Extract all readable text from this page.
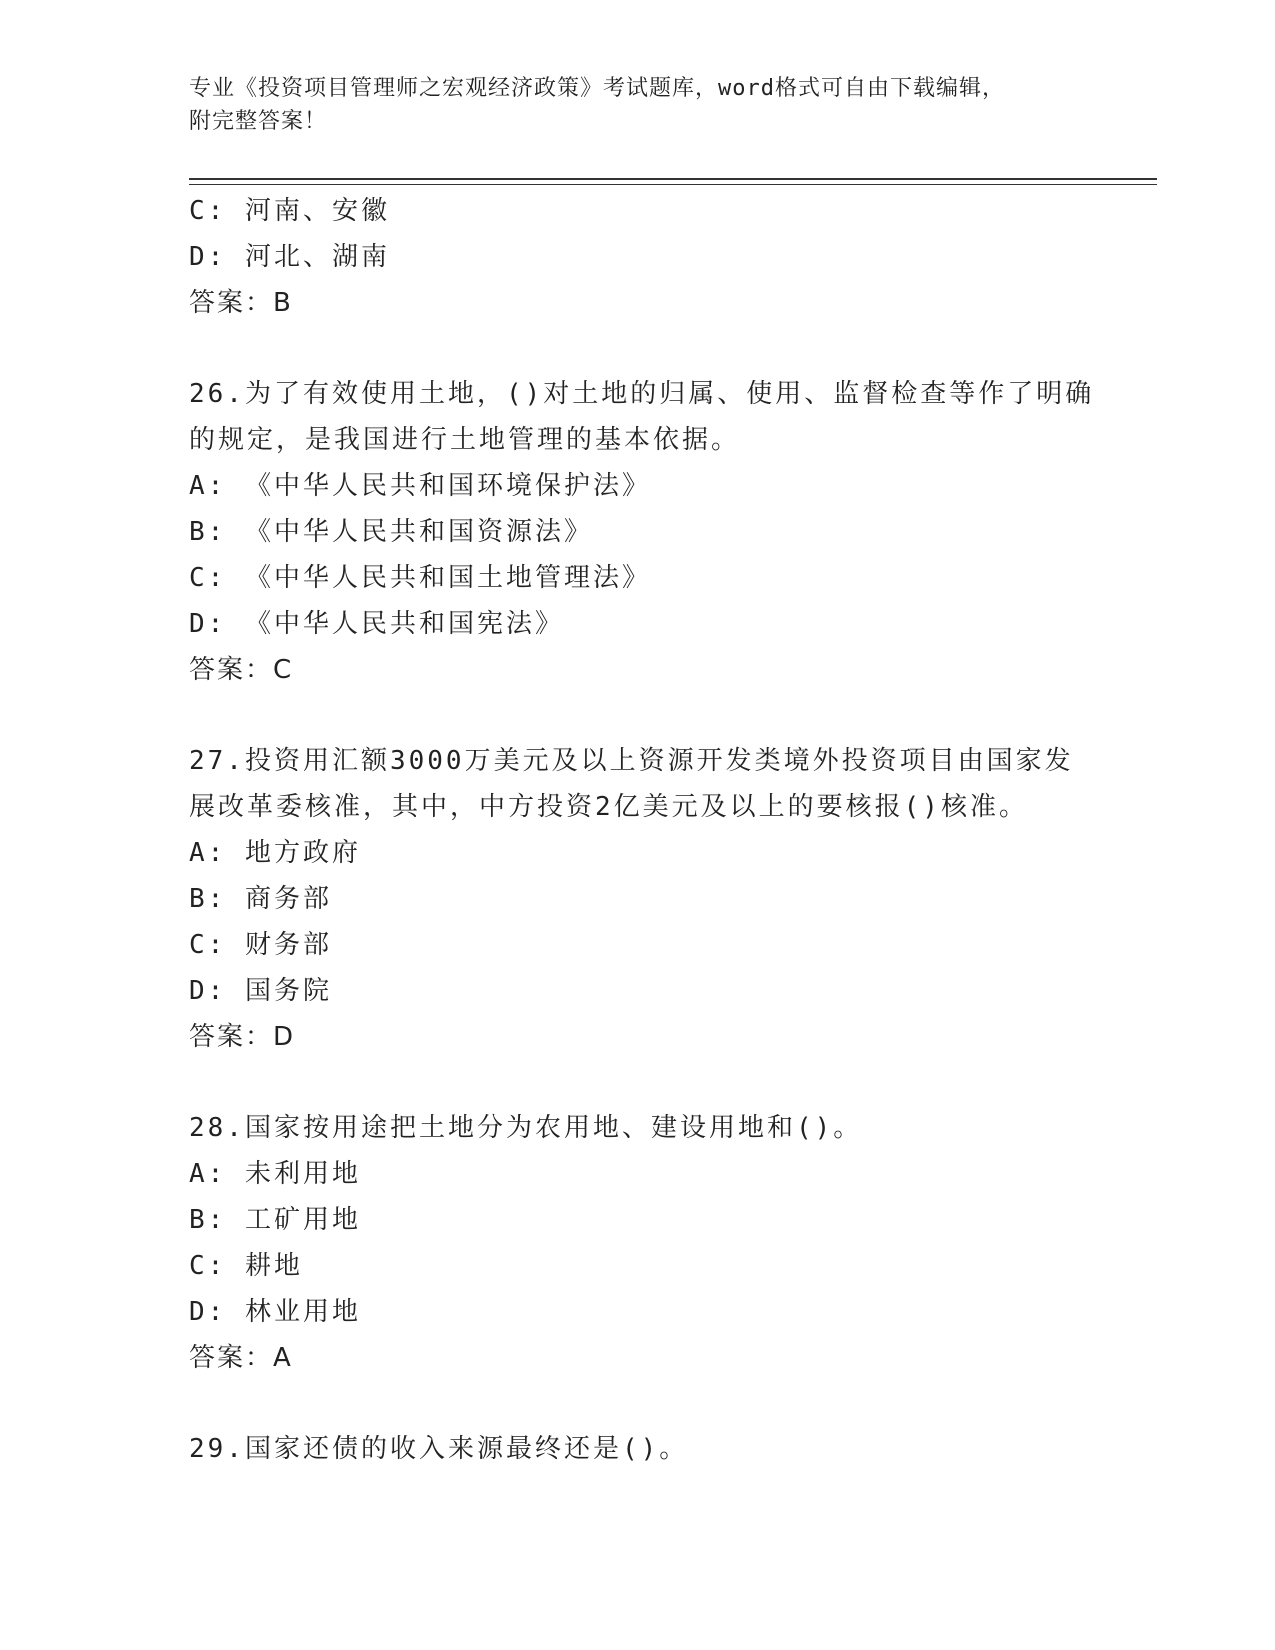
专业《投资项目管理师之宏观经济政策》考试题库，word格式可自由下载编辑，
附完整答案！
C: 河南、安徽
D: 河北、湖南
答案：B
26.为了有效使用土地，()对土地的归属、使用、监督检查等作了明确
的规定，是我国进行土地管理的基本依据。
A: 《中华人民共和国环境保护法》
B: 《中华人民共和国资源法》
C: 《中华人民共和国土地管理法》
D: 《中华人民共和国宪法》
答案：C
27.投资用汇额3000万美元及以上资源开发类境外投资项目由国家发
展改革委核准，其中，中方投资2亿美元及以上的要核报()核准。
A: 地方政府
B: 商务部
C: 财务部
D: 国务院
答案：D
28.国家按用途把土地分为农用地、建设用地和()。
A: 未利用地
B: 工矿用地
C: 耕地
D: 林业用地
答案：A
29.国家还债的收入来源最终还是()。
